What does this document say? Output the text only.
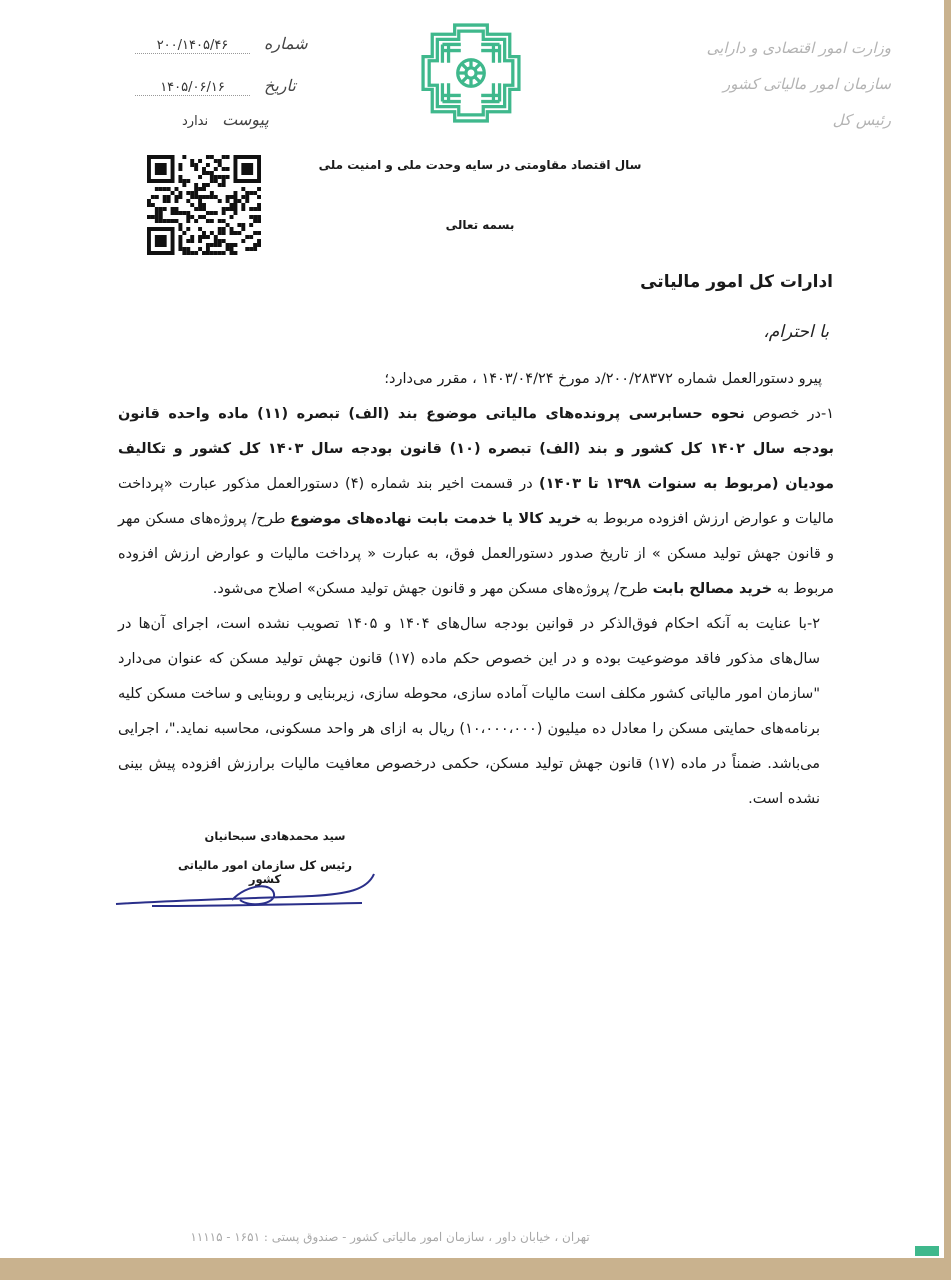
شماره۲۰۰/۱۴۰۵/۴۶
تاریخ۱۴۰۵/۰۶/۱۶
پیوستندارد
وزارت امور اقتصادی و دارایی
سازمان امور مالیاتی کشور
رئیس کل
سال اقتصاد مقاومتی در سایه وحدت ملی و امنیت ملی
بسمه تعالی
ادارات کل امور مالیاتی
با احترام،

پیرو دستورالعمل شماره ۲۰۰/۲۸۳۷۲/د مورخ ۱۴۰۳/۰۴/۲۴ ، مقرر می‌دارد؛

۱-در خصوص نحوه حسابرسی پرونده‌های مالیاتی موضوع بند (الف) تبصره (۱۱) ماده واحده قانون بودجه سال ۱۴۰۲ کل کشور و بند (الف) تبصره (۱۰) قانون بودجه سال ۱۴۰۳ کل کشور و تکالیف مودیان (مربوط به سنوات ۱۳۹۸ تا ۱۴۰۳) در قسمت اخیر بند شماره (۴) دستورالعمل مذکور عبارت «پرداخت مالیات و عوارض ارزش افزوده مربوط به خرید کالا یا خدمت بابت نهاده‌های موضوع طرح/ پروژه‌های مسکن مهر و قانون جهش تولید مسکن » از تاریخ صدور دستورالعمل فوق، به عبارت « پرداخت مالیات و عوارض ارزش افزوده مربوط به خرید مصالح بابت طرح/ پروژه‌های مسکن مهر و قانون جهش تولید مسکن» اصلاح می‌شود.

۲-با عنایت به آنکه احکام فوق‌الذکر در قوانین بودجه سال‌های ۱۴۰۴ و ۱۴۰۵ تصویب نشده است، اجرای آن‌ها در سال‌های مذکور فاقد موضوعیت بوده و در این خصوص حکم ماده (۱۷) قانون جهش تولید مسکن که عنوان می‌دارد "سازمان امور مالیاتی کشور مکلف است مالیات آماده سازی، محوطه سازی، زیربنایی و روبنایی و ساخت مسکن کلیه برنامه‌های حمایتی مسکن را معادل ده میلیون (۱۰،۰۰۰،۰۰۰) ریال به ازای هر واحد مسکونی، محاسبه نماید."، اجرایی می‌باشد. ضمناً در ماده (۱۷) قانون جهش تولید مسکن، حکمی درخصوص معافیت مالیات برارزش افزوده پیش بینی نشده است.

سید محمدهادی سبحانیان
رئیس کل سازمان امور مالیاتی کشور
تهران ، خیابان داور ، سازمان امور مالیاتی کشور - صندوق پستی : ۱۶۵۱ - ۱۱۱۱۵
